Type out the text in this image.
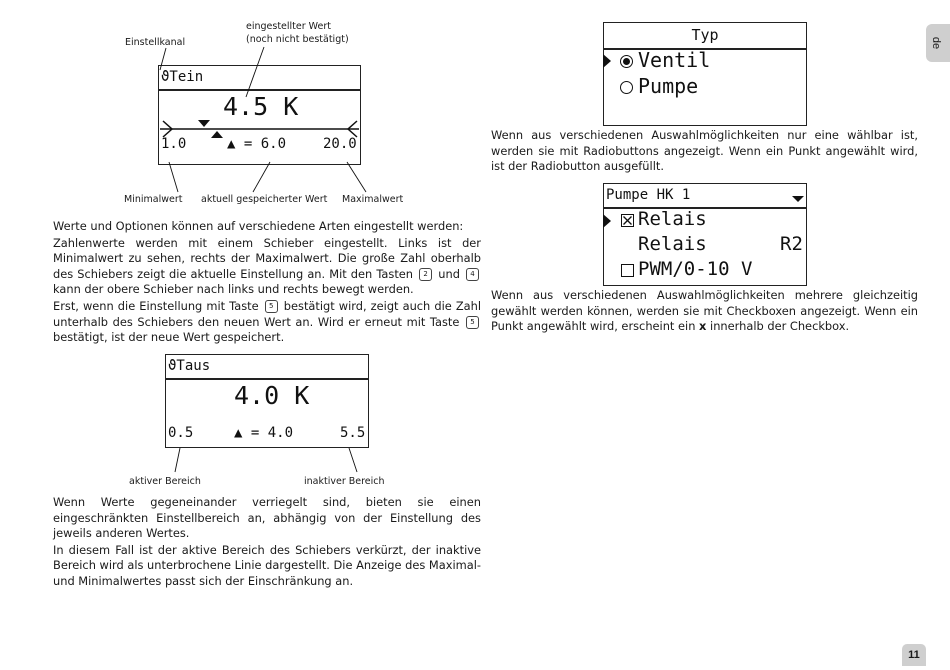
Einstellkanal
eingestellter Wert
(noch nicht bestätigt)
ϑTein
4.5 K
1.0	▲ = 6.0	20.0
Minimalwert aktuell gespeicherter Wert Maximalwert

Werte und Optionen können auf verschiedene Arten eingestellt werden:

Zahlenwerte werden mit einem Schieber eingestellt. Links ist der Minimalwert zu sehen, rechts der Maximalwert. Die große Zahl oberhalb des Schiebers zeigt die aktuelle Einstellung an. Mit den Tasten 2 und 4 kann der obere Schieber nach links und rechts bewegt werden.

Erst, wenn die Einstellung mit Taste 5 bestätigt wird, zeigt auch die Zahl unterhalb des Schiebers den neuen Wert an. Wird er erneut mit Taste 5 bestätigt, ist der neue Wert gespeichert.

ϑTaus
4.0 K
0.5	▲ = 4.0	5.5
aktiver Bereich	inaktiver Bereich

Wenn Werte gegeneinander verriegelt sind, bieten sie einen eingeschränkten Einstellbereich an, abhängig von der Einstellung des jeweils anderen Wertes.

In diesem Fall ist der aktive Bereich des Schiebers verkürzt, der inaktive Bereich wird als unterbrochene Linie dargestellt. Die Anzeige des Maximal- und Minimalwertes passt sich der Einschränkung an.

Typ
Ventil
Pumpe
Wenn aus verschiedenen Auswahlmöglichkeiten nur eine wählbar ist, werden sie mit Radiobuttons angezeigt. Wenn ein Punkt angewählt wird, ist der Radiobutton ausgefüllt.
Pumpe HK 1
Relais
Relais	R2
PWM/0-10 V
Wenn aus verschiedenen Auswahlmöglichkeiten mehrere gleichzeitig gewählt werden können, werden sie mit Checkboxen angezeigt. Wenn ein Punkt angewählt wird, erscheint ein x innerhalb der Checkbox.
de
11
